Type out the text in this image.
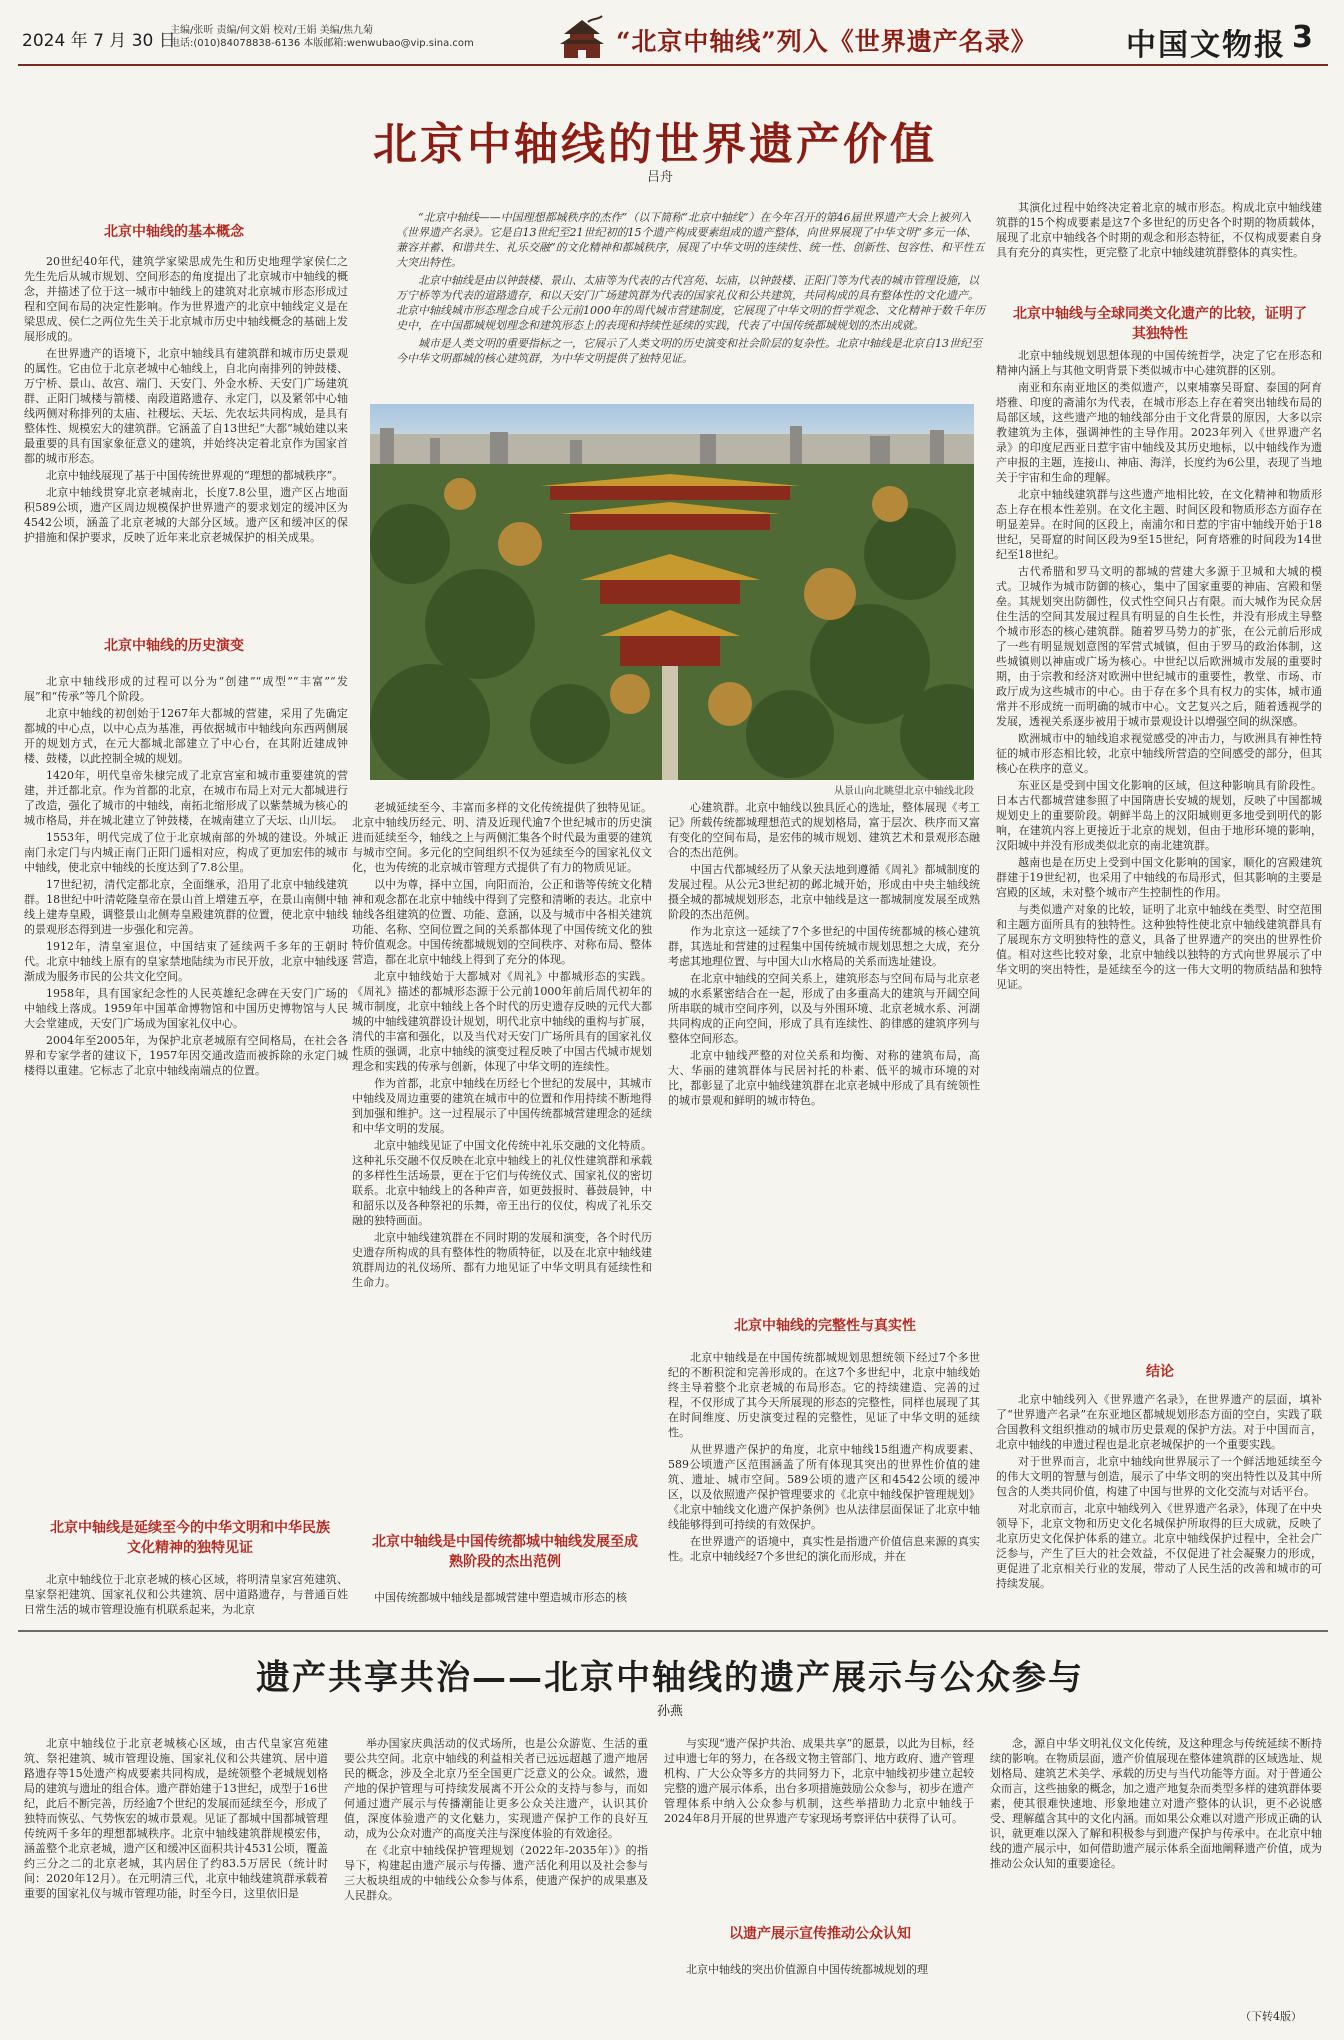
2024 年 7 月 30 日
主编/张昕 责编/何文娟 校对/王娟 美编/焦九菊
电话:(010)84078838-6136 本版邮箱:wenwubao@vip.sina.com	“北京中轴线”列入《世界遗产名录》	中国文物报 3
北京中轴线的世界遗产价值
吕舟
北京中轴线的基本概念

20世纪40年代，建筑学家梁思成先生和历史地理学家侯仁之先生先后从城市规划、空间形态的角度提出了北京城市中轴线的概念，并描述了位于这一城市中轴线上的建筑对北京城市形态形成过程和空间布局的决定性影响。作为世界遗产的北京中轴线定义是在梁思成、侯仁之两位先生关于北京城市历史中轴线概念的基础上发展形成的。

在世界遗产的语境下，北京中轴线具有建筑群和城市历史景观的属性。它由位于北京老城中心轴线上，自北向南排列的钟鼓楼、万宁桥、景山、故宫、端门、天安门、外金水桥、天安门广场建筑群、正阳门城楼与箭楼、南段道路遗存、永定门，以及紧邻中心轴线两侧对称排列的太庙、社稷坛、天坛、先农坛共同构成，是具有整体性、规模宏大的建筑群。它涵盖了自13世纪“大都”城始建以来最重要的具有国家象征意义的建筑，并始终决定着北京作为国家首都的城市形态。

北京中轴线展现了基于中国传统世界观的“理想的都城秩序”。

北京中轴线贯穿北京老城南北，长度7.8公里，遗产区占地面积589公顷，遗产区周边规模保护世界遗产的要求划定的缓冲区为4542公顷，涵盖了北京老城的大部分区域。遗产区和缓冲区的保护措施和保护要求，反映了近年来北京老城保护的相关成果。

北京中轴线的历史演变

北京中轴线形成的过程可以分为“创建”“成型”“丰富”“发展”和“传承”等几个阶段。

北京中轴线的初创始于1267年大都城的营建，采用了先确定都城的中心点，以中心点为基准，再依据城市中轴线向东西两侧展开的规划方式，在元大都城北部建立了中心台，在其附近建成钟楼、鼓楼，以此控制全城的规划。

1420年，明代皇帝朱棣完成了北京宫室和城市重要建筑的营建，并迁都北京。作为首都的北京，在城市布局上对元大都城进行了改造，强化了城市的中轴线，南拓北缩形成了以紫禁城为核心的城市格局，并在城北建立了钟鼓楼，在城南建立了天坛、山川坛。

1553年，明代完成了位于北京城南部的外城的建设。外城正南门永定门与内城正南门正阳门遥相对应，构成了更加宏伟的城市中轴线，使北京中轴线的长度达到了7.8公里。

17世纪初，清代定都北京，全面继承，沿用了北京中轴线建筑群。18世纪中叶清乾隆皇帝在景山首上增建五亭，在景山南侧中轴线上建寿皇殿，调整景山北侧寿皇殿建筑群的位置，使北京中轴线的景观形态得到进一步强化和完善。

1912年，清皇室退位，中国结束了延续两千多年的王朝时代。北京中轴线上原有的皇家禁地陆续为市民开放，北京中轴线逐渐成为服务市民的公共文化空间。

1958年，具有国家纪念性的人民英雄纪念碑在天安门广场的中轴线上落成。1959年中国革命博物馆和中国历史博物馆与人民大会堂建成，天安门广场成为国家礼仪中心。

2004年至2005年，为保护北京老城原有空间格局，在社会各界和专家学者的建议下，1957年因交通改造而被拆除的永定门城楼得以重建。它标志了北京中轴线南端点的位置。

北京中轴线是延续至今的中华文明和中华民族文化精神的独特见证

北京中轴线位于北京老城的核心区域，将明清皇家宫苑建筑、皇家祭祀建筑、国家礼仪和公共建筑、居中道路遗存，与普通百姓日常生活的城市管理设施有机联系起来，为北京

“北京中轴线——中国理想都城秩序的杰作”（以下简称“北京中轴线”）在今年召开的第46届世界遗产大会上被列入《世界遗产名录》。它是自13世纪至21世纪初的15个遗产构成要素组成的遗产整体，向世界展现了中华文明“多元一体、兼容并蓄、和谐共生、礼乐交融”的文化精神和都城秩序，展现了中华文明的连续性、统一性、创新性、包容性、和平性五大突出特性。

北京中轴线是由以钟鼓楼、景山、太庙等为代表的古代宫苑、坛庙，以钟鼓楼、正阳门等为代表的城市管理设施，以万宁桥等为代表的道路遗存，和以天安门广场建筑群为代表的国家礼仪和公共建筑，共同构成的具有整体性的文化遗产。北京中轴线城市形态理念自成千公元前1000年的周代城市营建制度，它展现了中华文明的哲学观念、文化精神于数千年历史中，在中国都城规划理念和建筑形态上的表现和持续性延续的实践，代表了中国传统都城规划的杰出成就。

城市是人类文明的重要指标之一，它展示了人类文明的历史演变和社会阶层的复杂性。北京中轴线是北京自13世纪至今中华文明都城的核心建筑群，为中华文明提供了独特见证。

从景山向北眺望北京中轴线北段

老城延续至今、丰富而多样的文化传统提供了独特见证。北京中轴线历经元、明、清及近现代逾7个世纪城市的历史演进而延续至今，轴线之上与两侧汇集各个时代最为重要的建筑与城市空间。多元化的空间组织不仅为延续至今的国家礼仪文化，也为传统的北京城市管理方式提供了有力的物质见证。

以中为尊，择中立国，向阳而治，公正和谐等传统文化精神和观念都在北京中轴线中得到了完整和清晰的表达。北京中轴线各组建筑的位置、功能、意涵，以及与城市中各相关建筑功能、名称、空间位置之间的关系都体现了中国传统文化的独特价值观念。中国传统都城规划的空间秩序、对称布局、整体营造，都在北京中轴线上得到了充分的体现。

北京中轴线始于大都城对《周礼》中都城形态的实践。《周礼》描述的都城形态源于公元前1000年前后周代初年的城市制度，北京中轴线上各个时代的历史遗存反映的元代大都城的中轴线建筑群设计规划，明代北京中轴线的重构与扩展，清代的丰富和强化，以及当代对天安门广场所具有的国家礼仪性质的强调，北京中轴线的演变过程反映了中国古代城市规划理念和实践的传承与创新，体现了中华文明的连续性。

作为首都，北京中轴线在历经七个世纪的发展中，其城市中轴线及周边重要的建筑在城市中的位置和作用持续不断地得到加强和维护。这一过程展示了中国传统都城营建理念的延续和中华文明的发展。

北京中轴线见证了中国文化传统中礼乐交融的文化特质。这种礼乐交融不仅反映在北京中轴线上的礼仪性建筑群和承载的多样性生活场景，更在于它们与传统仪式、国家礼仪的密切联系。北京中轴线上的各种声音，如更鼓报时、暮鼓晨钟，中和韶乐以及各种祭祀的乐舞，帝王出行的仪仗，构成了礼乐交融的独特画面。

北京中轴线建筑群在不同时期的发展和演变，各个时代历史遗存所构成的具有整体性的物质特征，以及在北京中轴线建筑群周边的礼仪场所、都有力地见证了中华文明具有延续性和生命力。

北京中轴线是中国传统都城中轴线发展至成熟阶段的杰出范例

中国传统都城中轴线是都城营建中塑造城市形态的核

心建筑群。北京中轴线以独具匠心的选址，整体展现《考工记》所载传统都城理想范式的规划格局，富于层次、秩序而又富有变化的空间布局，是宏伟的城市规划、建筑艺术和景观形态融合的杰出范例。

中国古代都城经历了从象天法地到遵循《周礼》都城制度的发展过程。从公元3世纪初的邺北城开始，形成由中央主轴线统摄全城的都城规划形态，北京中轴线是这一都城制度发展至成熟阶段的杰出范例。

作为北京这一延续了7个多世纪的中国传统都城的核心建筑群，其选址和营建的过程集中国传统城市规划思想之大成，充分考虑其地理位置、与中国大山水格局的关系而选址建设。

在北京中轴线的空间关系上，建筑形态与空间布局与北京老城的水系紧密结合在一起，形成了由多重高大的建筑与开阔空间所串联的城市空间序列，以及与外围环境、北京老城水系、河湖共同构成的正向空间，形成了具有连续性、韵律感的建筑序列与整体空间形态。

北京中轴线严整的对位关系和均衡、对称的建筑布局，高大、华丽的建筑群体与民居衬托的朴素、低平的城市环境的对比，都彰显了北京中轴线建筑群在北京老城中形成了具有统领性的城市景观和鲜明的城市特色。

北京中轴线的完整性与真实性

北京中轴线是在中国传统都城规划思想统领下经过7个多世纪的不断积淀和完善形成的。在这7个多世纪中，北京中轴线始终主导着整个北京老城的布局形态。它的持续建造、完善的过程，不仅形成了其今天所展现的形态的完整性，同样也展现了其在时间维度、历史演变过程的完整性，见证了中华文明的延续性。

从世界遗产保护的角度，北京中轴线15组遗产构成要素、589公顷遗产区范围涵盖了所有体现其突出的世界性价值的建筑、遗址、城市空间。589公顷的遗产区和4542公顷的缓冲区，以及依照遗产保护管理要求的《北京中轴线保护管理规划》《北京中轴线文化遗产保护条例》也从法律层面保证了北京中轴线能够得到可持续的有效保护。

在世界遗产的语境中，真实性是指遗产价值信息来源的真实性。北京中轴线经7个多世纪的演化而形成，并在

其演化过程中始终决定着北京的城市形态。构成北京中轴线建筑群的15个构成要素是这7个多世纪的历史各个时期的物质载体，展现了北京中轴线各个时期的观念和形态特征，不仅构成要素自身具有充分的真实性，更完整了北京中轴线建筑群整体的真实性。

北京中轴线与全球同类文化遗产的比较，证明了其独特性

北京中轴线规划思想体现的中国传统哲学，决定了它在形态和精神内涵上与其他文明背景下类似城市中心建筑群的区别。

南亚和东南亚地区的类似遗产，以柬埔寨吴哥窟、泰国的阿育塔雅、印度的斋浦尔为代表，在城市形态上存在着突出轴线布局的局部区域，这些遗产地的轴线部分由于文化背景的原因，大多以宗教建筑为主体，强调神性的主导作用。2023年列入《世界遗产名录》的印度尼西亚日惹宇宙中轴线及其历史地标，以中轴线作为遗产申报的主题，连接山、神庙、海洋，长度约为6公里，表现了当地关于宇宙和生命的理解。

北京中轴线建筑群与这些遗产地相比较，在文化精神和物质形态上存在根本性差别。在文化主题、时间区段和物质形态方面存在明显差异。在时间的区段上，南浦尔和日惹的宇宙中轴线开始于18世纪，吴哥窟的时间区段为9至15世纪，阿育塔雅的时间段为14世纪至18世纪。

古代希腊和罗马文明的都城的营建大多源于卫城和大城的模式。卫城作为城市防御的核心，集中了国家重要的神庙、宫殿和堡垒。其规划突出防御性，仪式性空间只占有限。而大城作为民众居住生活的空间其发展过程具有明显的自生长性，并没有形成主导整个城市形态的核心建筑群。随着罗马势力的扩张，在公元前后形成了一些有明显规划意图的军营式城镇，但由于罗马的政治体制，这些城镇则以神庙或广场为核心。中世纪以后欧洲城市发展的重要时期，由于宗教和经济对欧洲中世纪城市的重要性，教堂、市场、市政厅成为这些城市的中心。由于存在多个具有权力的实体，城市通常并不形成统一而明确的城市中心。文艺复兴之后，随着透视学的发展，透视关系逐步被用于城市景观设计以增强空间的纵深感。

欧洲城市中的轴线追求视觉感受的冲击力，与欧洲具有神性特征的城市形态相比较，北京中轴线所营造的空间感受的部分，但其核心在秩序的意义。

东亚区是受到中国文化影响的区域，但这种影响具有阶段性。日本古代都城营建参照了中国隋唐长安城的规划，反映了中国都城规划史上的重要阶段。朝鲜半岛上的汉阳城则更多地受到明代的影响，在建筑内容上更接近于北京的规划，但由于地形环境的影响，汉阳城中并没有形成类似北京的南北建筑群。

越南也是在历史上受到中国文化影响的国家，顺化的宫殿建筑群建于19世纪初，也采用了中轴线的布局形式，但其影响的主要是宫殿的区域，未对整个城市产生控制性的作用。

与类似遗产对象的比较，证明了北京中轴线在类型、时空范围和主题方面所具有的独特性。这种独特性使北京中轴线建筑群具有了展现东方文明独特性的意义，具备了世界遗产的突出的世界性价值。相对这些比较对象，北京中轴线以独特的方式向世界展示了中华文明的突出特性，是延续至今的这一伟大文明的物质结晶和独特见证。

结论

北京中轴线列入《世界遗产名录》，在世界遗产的层面，填补了“世界遗产名录”在东亚地区都城规划形态方面的空白，实践了联合国教科文组织推动的城市历史景观的保护方法。对于中国而言，北京中轴线的申遗过程也是北京老城保护的一个重要实践。

对于世界而言，北京中轴线向世界展示了一个鲜活地延续至今的伟大文明的智慧与创造，展示了中华文明的突出特性以及其中所包含的人类共同价值，构建了中国与世界的文化交流与对话平台。

对北京而言，北京中轴线列入《世界遗产名录》，体现了在中央领导下，北京文物和历史文化名城保护所取得的巨大成就，反映了北京历史文化保护体系的建立。北京中轴线保护过程中，全社会广泛参与，产生了巨大的社会效益，不仅促进了社会凝聚力的形成，更促进了北京相关行业的发展，带动了人民生活的改善和城市的可持续发展。

遗产共享共治——北京中轴线的遗产展示与公众参与
孙燕

北京中轴线位于北京老城核心区域，由古代皇家宫苑建筑、祭祀建筑、城市管理设施、国家礼仪和公共建筑、居中道路遗存等15处遗产构成要素共同构成，是统领整个老城规划格局的建筑与遗址的组合体。遗产群始建于13世纪，成型于16世纪，此后不断完善，历经逾7个世纪的发展而延续至今，形成了独特而恢弘、气势恢宏的城市景观。见证了都城中国都城管理传统两千多年的理想都城秩序。北京中轴线建筑群规模宏伟，涵盖整个北京老城，遗产区和缓冲区面积共计4531公顷，覆盖约三分之二的北京老城，其内居住了约83.5万居民（统计时间：2020年12月）。在元明清三代，北京中轴线建筑群承载着重要的国家礼仪与城市管理功能，时至今日，这里依旧是

举办国家庆典活动的仪式场所，也是公众游览、生活的重要公共空间。北京中轴线的利益相关者已远远超越了遗产地居民的概念，涉及全北京乃至全国更广泛意义的公众。诚然，遗产地的保护管理与可持续发展离不开公众的支持与参与，而如何通过遗产展示与传播潮能让更多公众关注遗产，认识其价值，深度体验遗产的文化魅力，实现遗产保护工作的良好互动，成为公众对遗产的高度关注与深度体验的有效途径。

在《北京中轴线保护管理规划（2022年-2035年）》的指导下，构建起由遗产展示与传播、遗产活化利用以及社会参与三大板块组成的中轴线公众参与体系，使遗产保护的成果惠及人民群众。

与实现“遗产保护共治、成果共享”的愿景，以此为目标，经过申遗七年的努力，在各级文物主管部门、地方政府、遗产管理机构、广大公众等多方的共同努力下，北京中轴线初步建立起较完整的遗产展示体系，出台多项措施鼓励公众参与，初步在遗产管理体系中纳入公众参与机制，这些举措助力北京中轴线于2024年8月开展的世界遗产专家现场考察评估中获得了认可。

以遗产展示宣传推动公众认知

北京中轴线的突出价值源自中国传统都城规划的理

念，源自中华文明礼仪文化传统，及这种理念与传统延续不断持续的影响。在物质层面，遗产价值展现在整体建筑群的区域选址、规划格局、建筑艺术美学、承载的历史与当代功能等方面。对于普通公众而言，这些抽象的概念，加之遗产地复杂而类型多样的建筑群体要素，使其很难快速地、形象地建立对遗产整体的认识，更不必说感受、理解蕴含其中的文化内涵。而如果公众难以对遗产形成正确的认识，就更难以深入了解和积极参与到遗产保护与传承中。在北京中轴线的遗产展示中，如何借助遗产展示体系全面地阐释遗产价值，成为推动公众认知的重要途径。

（下转4版）
